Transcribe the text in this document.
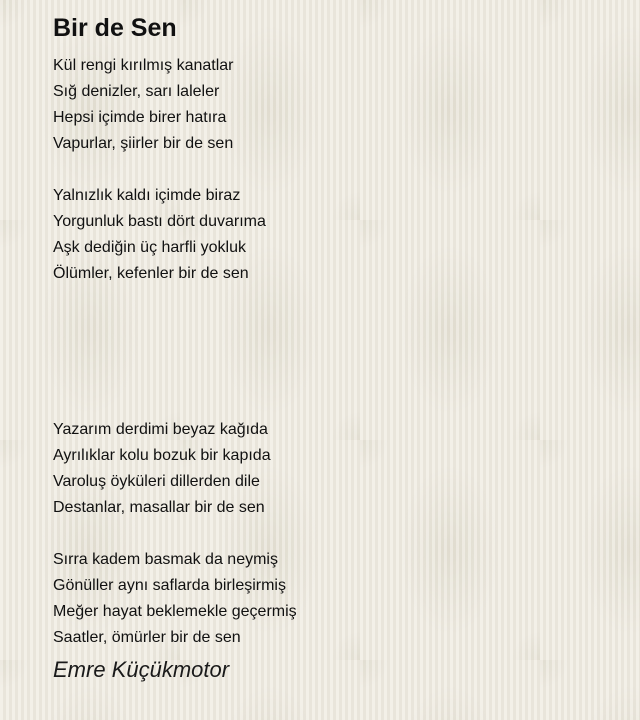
Bir de Sen
Kül rengi kırılmış kanatlar
Sığ denizler, sarı laleler
Hepsi içimde birer hatıra
Vapurlar, şiirler bir de sen
Yalnızlık kaldı içimde biraz
Yorgunluk bastı dört duvarıma
Aşk dediğin üç harfli yokluk
Ölümler, kefenler bir de sen
Yazarım derdimi beyaz kağıda
Ayrılıklar kolu bozuk bir kapıda
Varoluş öyküleri dillerden dile
Destanlar, masallar bir de sen
Sırra kadem basmak da neymiş
Gönüller aynı saflarda birleşirmiş
Meğer hayat beklemekle geçermiş
Saatler, ömürler bir de sen
Emre Küçükmotor
